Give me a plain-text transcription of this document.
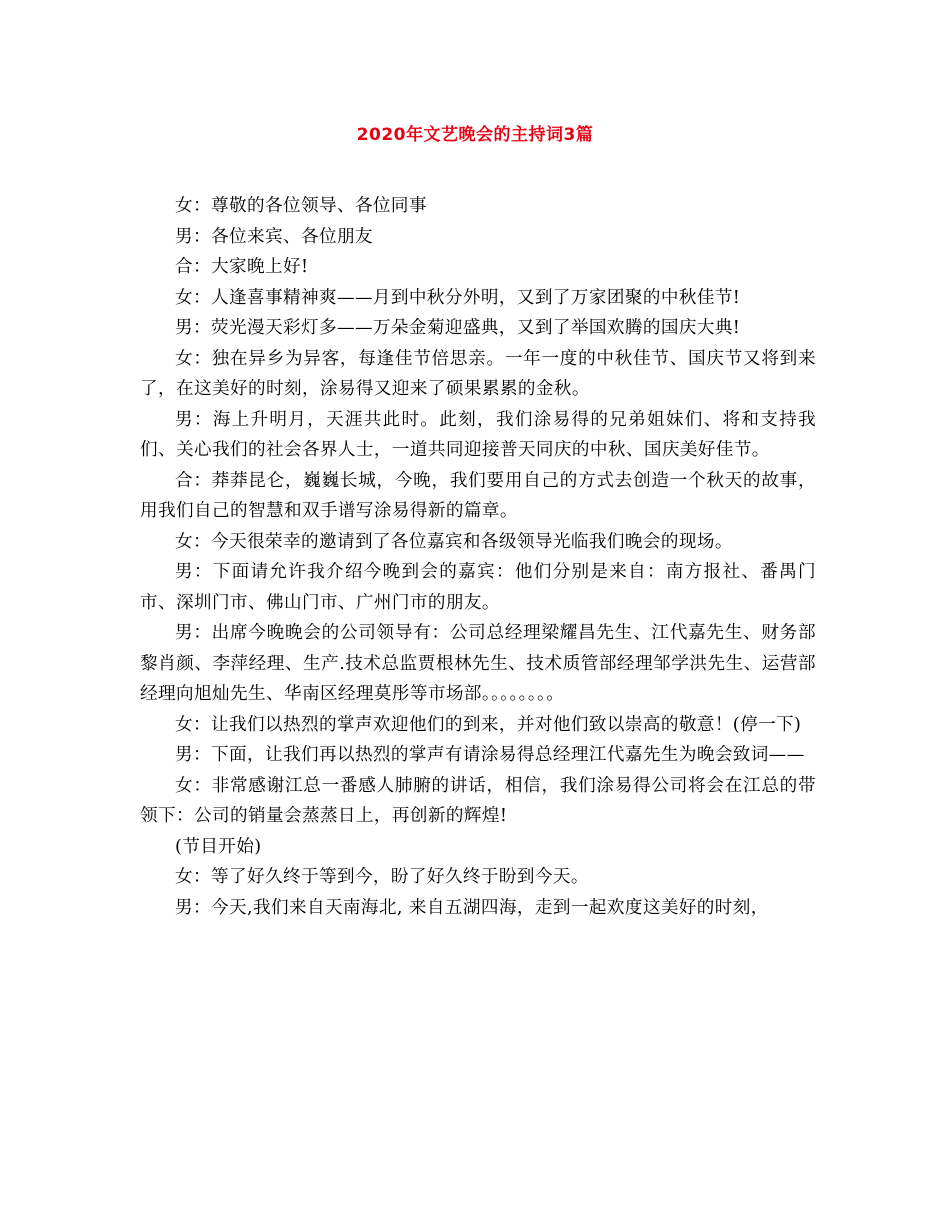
2020年文艺晚会的主持词3篇

女：尊敬的各位领导、各位同事

男：各位来宾、各位朋友

合：大家晚上好!

女：人逢喜事精神爽——月到中秋分外明，又到了万家团聚的中秋佳节!

男：荧光漫天彩灯多——万朵金菊迎盛典，又到了举国欢腾的国庆大典!

女：独在异乡为异客，每逢佳节倍思亲。一年一度的中秋佳节、国庆节又将到来了，在这美好的时刻，涂易得又迎来了硕果累累的金秋。

男：海上升明月，天涯共此时。此刻，我们涂易得的兄弟姐妹们、将和支持我们、关心我们的社会各界人士，一道共同迎接普天同庆的中秋、国庆美好佳节。

合：莽莽昆仑，巍巍长城，今晚，我们要用自己的方式去创造一个秋天的故事，用我们自己的智慧和双手谱写涂易得新的篇章。

女：今天很荣幸的邀请到了各位嘉宾和各级领导光临我们晚会的现场。

男：下面请允许我介绍今晚到会的嘉宾：他们分别是来自：南方报社、番禺门市、深圳门市、佛山门市、广州门市的朋友。

男：出席今晚晚会的公司领导有：公司总经理梁耀昌先生、江代嘉先生、财务部黎肖颜、李萍经理、生产.技术总监贾根林先生、技术质管部经理邹学洪先生、运营部经理向旭灿先生、华南区经理莫彤等市场部。。。。。。。。

女：让我们以热烈的掌声欢迎他们的到来，并对他们致以崇高的敬意！(停一下)

男：下面，让我们再以热烈的掌声有请涂易得总经理江代嘉先生为晚会致词——

女：非常感谢江总一番感人肺腑的讲话，相信，我们涂易得公司将会在江总的带领下：公司的销量会蒸蒸日上，再创新的辉煌!

(节目开始)

女：等了好久终于等到今，盼了好久终于盼到今天。

男：今天,我们来自天南海北, 来自五湖四海，走到一起欢度这美好的时刻，
